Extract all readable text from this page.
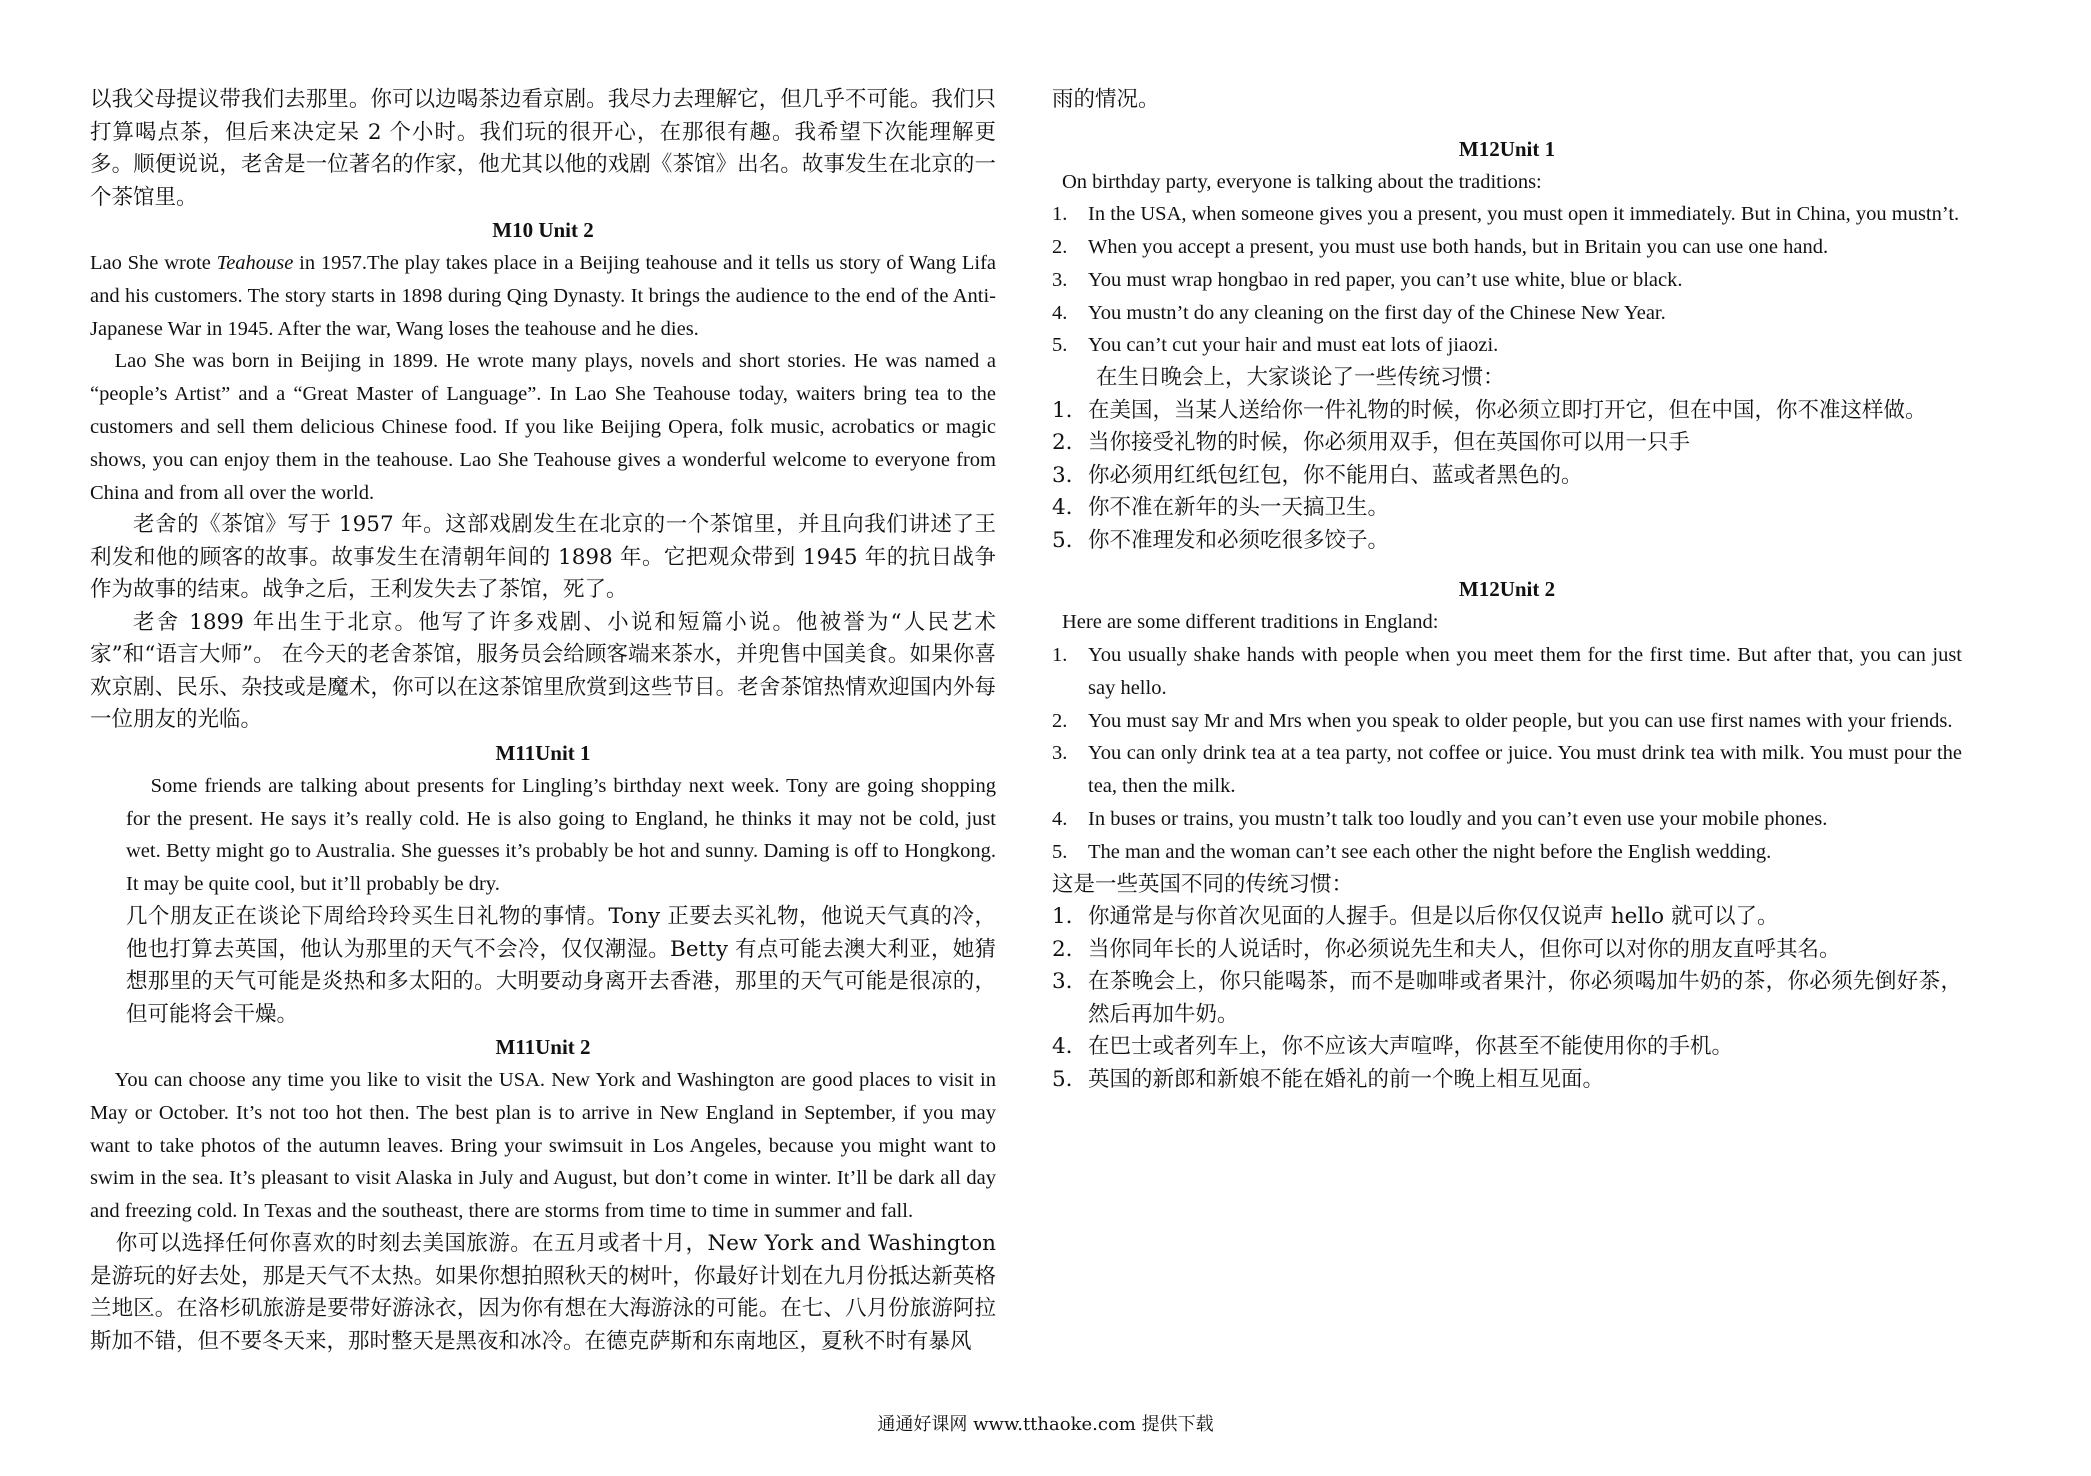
以我父母提议带我们去那里。你可以边喝茶边看京剧。我尽力去理解它，但几乎不可能。我们只打算喝点茶，但后来决定呆 2 个小时。我们玩的很开心，在那很有趣。我希望下次能理解更多。顺便说说，老舍是一位著名的作家，他尤其以他的戏剧《茶馆》出名。故事发生在北京的一个茶馆里。

M10 Unit 2

Lao She wrote Teahouse in 1957.The play takes place in a Beijing teahouse and it tells us story of Wang Lifa and his customers. The story starts in 1898 during Qing Dynasty. It brings the audience to the end of the Anti-Japanese War in 1945. After the war, Wang loses the teahouse and he dies.

Lao She was born in Beijing in 1899. He wrote many plays, novels and short stories. He was named a “people’s Artist” and a “Great Master of Language”. In Lao She Teahouse today, waiters bring tea to the customers and sell them delicious Chinese food. If you like Beijing Opera, folk music, acrobatics or magic shows, you can enjoy them in the teahouse. Lao She Teahouse gives a wonderful welcome to everyone from China and from all over the world.

老舍的《茶馆》写于 1957 年。这部戏剧发生在北京的一个茶馆里，并且向我们讲述了王利发和他的顾客的故事。故事发生在清朝年间的 1898 年。它把观众带到 1945 年的抗日战争作为故事的结束。战争之后，王利发失去了茶馆，死了。

老舍 1899 年出生于北京。他写了许多戏剧、小说和短篇小说。他被誉为“人民艺术家”和“语言大师”。 在今天的老舍茶馆，服务员会给顾客端来茶水，并兜售中国美食。如果你喜欢京剧、民乐、杂技或是魔术，你可以在这茶馆里欣赏到这些节目。老舍茶馆热情欢迎国内外每一位朋友的光临。

M11Unit 1

Some friends are talking about presents for Lingling’s birthday next week. Tony are going shopping for the present. He says it’s really cold. He is also going to England, he thinks it may not be cold, just wet. Betty might go to Australia. She guesses it’s probably be hot and sunny. Daming is off to Hongkong. It may be quite cool, but it’ll probably be dry.

几个朋友正在谈论下周给玲玲买生日礼物的事情。Tony 正要去买礼物，他说天气真的冷，他也打算去英国，他认为那里的天气不会冷，仅仅潮湿。Betty 有点可能去澳大利亚，她猜想那里的天气可能是炎热和多太阳的。大明要动身离开去香港，那里的天气可能是很凉的，但可能将会干燥。

M11Unit 2

You can choose any time you like to visit the USA. New York and Washington are good places to visit in May or October. It’s not too hot then. The best plan is to arrive in New England in September, if you may want to take photos of the autumn leaves. Bring your swimsuit in Los Angeles, because you might want to swim in the sea. It’s pleasant to visit Alaska in July and August, but don’t come in winter. It’ll be dark all day and freezing cold. In Texas and the southeast, there are storms from time to time in summer and fall.

你可以选择任何你喜欢的时刻去美国旅游。在五月或者十月，New York and Washington 是游玩的好去处，那是天气不太热。如果你想拍照秋天的树叶，你最好计划在九月份抵达新英格兰地区。在洛杉矶旅游是要带好游泳衣，因为你有想在大海游泳的可能。在七、八月份旅游阿拉斯加不错，但不要冬天来，那时整天是黑夜和冰冷。在德克萨斯和东南地区，夏秋不时有暴风

雨的情况。

M12Unit 1

On birthday party, everyone is talking about the traditions:

1. In the USA, when someone gives you a present, you must open it immediately. But in China, you mustn’t.
2. When you accept a present, you must use both hands, but in Britain you can use one hand.
3. You must wrap hongbao in red paper, you can’t use white, blue or black.
4. You mustn’t do any cleaning on the first day of the Chinese New Year.
5. You can’t cut your hair and must eat lots of jiaozi.

在生日晚会上，大家谈论了一些传统习惯：

1. 在美国，当某人送给你一件礼物的时候，你必须立即打开它，但在中国，你不准这样做。
2. 当你接受礼物的时候，你必须用双手，但在英国你可以用一只手
3. 你必须用红纸包红包，你不能用白、蓝或者黑色的。
4. 你不准在新年的头一天搞卫生。
5. 你不准理发和必须吃很多饺子。
M12Unit 2

Here are some different traditions in England:

1. You usually shake hands with people when you meet them for the first time. But after that, you can just say hello.
2. You must say Mr and Mrs when you speak to older people, but you can use first names with your friends.
3. You can only drink tea at a tea party, not coffee or juice. You must drink tea with milk. You must pour the tea, then the milk.
4. In buses or trains, you mustn’t talk too loudly and you can’t even use your mobile phones.
5. The man and the woman can’t see each other the night before the English wedding.

这是一些英国不同的传统习惯：

1. 你通常是与你首次见面的人握手。但是以后你仅仅说声 hello 就可以了。
2. 当你同年长的人说话时，你必须说先生和夫人，但你可以对你的朋友直呼其名。
3. 在茶晚会上，你只能喝茶，而不是咖啡或者果汁，你必须喝加牛奶的茶，你必须先倒好茶，然后再加牛奶。
4. 在巴士或者列车上，你不应该大声喧哗，你甚至不能使用你的手机。
5. 英国的新郎和新娘不能在婚礼的前一个晚上相互见面。
通通好课网 www.tthaoke.com 提供下载
